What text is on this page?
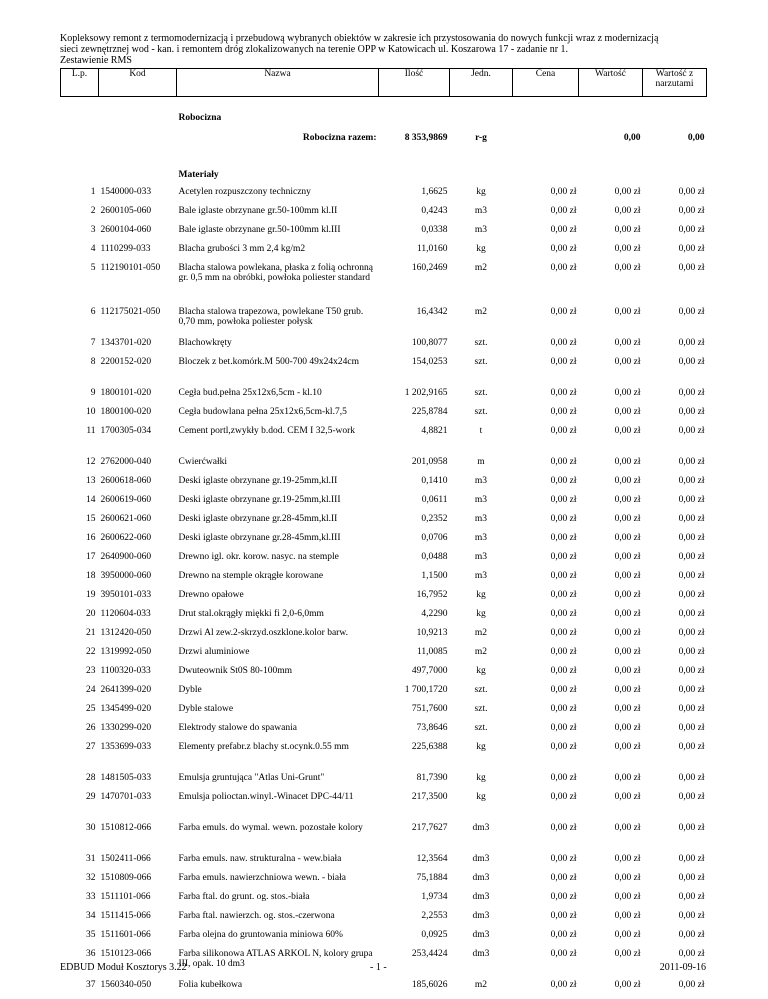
Kopleksowy remont z termomodernizacją i przebudową wybranych obiektów w zakresie ich przystosowania do nowych funkcji wraz z modernizacją
sieci zewnętrznej wod - kan. i remontem dróg zlokalizowanych na terenie OPP w Katowicach ul. Koszarowa 17 - zadanie nr 1.
Zestawienie RMS
L.p.	Kod	Nazwa	Ilość	Jedn.	Cena	Wartość	Wartość z
narzutami
		Robocizna					
		Robocizna razem:	8 353,9869	r-g		0,00	0,00
		Materiały					
1	1540000-033	Acetylen rozpuszczony techniczny	1,6625	kg	0,00 zł	0,00 zł	0,00 zł
2	2600105-060	Bale iglaste obrzynane gr.50-100mm kl.II	0,4243	m3	0,00 zł	0,00 zł	0,00 zł
3	2600104-060	Bale iglaste obrzynane gr.50-100mm kl.III	0,0338	m3	0,00 zł	0,00 zł	0,00 zł
4	1110299-033	Blacha grubości 3 mm 2,4 kg/m2	11,0160	kg	0,00 zł	0,00 zł	0,00 zł
5	112190101-050	Blacha stalowa powlekana, płaska z folią ochronną gr. 0,5 mm na obróbki, powłoka poliester standard	160,2469	m2	0,00 zł	0,00 zł	0,00 zł
6	112175021-050	Blacha stalowa trapezowa, powlekane T50 grub. 0,70 mm, powłoka poliester połysk	16,4342	m2	0,00 zł	0,00 zł	0,00 zł
7	1343701-020	Blachowkręty	100,8077	szt.	0,00 zł	0,00 zł	0,00 zł
8	2200152-020	Bloczek z bet.komórk.M 500-700 49x24x24cm	154,0253	szt.	0,00 zł	0,00 zł	0,00 zł
9	1800101-020	Cegła bud.pełna 25x12x6,5cm - kl.10	1 202,9165	szt.	0,00 zł	0,00 zł	0,00 zł
10	1800100-020	Cegła budowlana pełna 25x12x6,5cm-kl.7,5	225,8784	szt.	0,00 zł	0,00 zł	0,00 zł
11	1700305-034	Cement portl,zwykły b.dod. CEM I 32,5-work	4,8821	t	0,00 zł	0,00 zł	0,00 zł
12	2762000-040	Ćwierćwałki	201,0958	m	0,00 zł	0,00 zł	0,00 zł
13	2600618-060	Deski iglaste obrzynane gr.19-25mm,kl.II	0,1410	m3	0,00 zł	0,00 zł	0,00 zł
14	2600619-060	Deski iglaste obrzynane gr.19-25mm,kl.III	0,0611	m3	0,00 zł	0,00 zł	0,00 zł
15	2600621-060	Deski iglaste obrzynane gr.28-45mm,kl.II	0,2352	m3	0,00 zł	0,00 zł	0,00 zł
16	2600622-060	Deski iglaste obrzynane gr.28-45mm,kl.III	0,0706	m3	0,00 zł	0,00 zł	0,00 zł
17	2640900-060	Drewno igl. okr. korow. nasyc. na stemple	0,0488	m3	0,00 zł	0,00 zł	0,00 zł
18	3950000-060	Drewno na stemple okrągłe korowane	1,1500	m3	0,00 zł	0,00 zł	0,00 zł
19	3950101-033	Drewno opałowe	16,7952	kg	0,00 zł	0,00 zł	0,00 zł
20	1120604-033	Drut stal.okrągły miękki fi 2,0-6,0mm	4,2290	kg	0,00 zł	0,00 zł	0,00 zł
21	1312420-050	Drzwi Al zew.2-skrzyd.oszklone.kolor barw.	10,9213	m2	0,00 zł	0,00 zł	0,00 zł
22	1319992-050	Drzwi aluminiowe	11,0085	m2	0,00 zł	0,00 zł	0,00 zł
23	1100320-033	Dwuteownik St0S 80-100mm	497,7000	kg	0,00 zł	0,00 zł	0,00 zł
24	2641399-020	Dyble	1 700,1720	szt.	0,00 zł	0,00 zł	0,00 zł
25	1345499-020	Dyble stalowe	751,7600	szt.	0,00 zł	0,00 zł	0,00 zł
26	1330299-020	Elektrody stalowe do spawania	73,8646	szt.	0,00 zł	0,00 zł	0,00 zł
27	1353699-033	Elementy prefabr.z blachy st.ocynk.0.55 mm	225,6388	kg	0,00 zł	0,00 zł	0,00 zł
28	1481505-033	Emulsja gruntująca "Atlas Uni-Grunt"	81,7390	kg	0,00 zł	0,00 zł	0,00 zł
29	1470701-033	Emulsja polioctan.winyl.-Winacet DPC-44/11	217,3500	kg	0,00 zł	0,00 zł	0,00 zł
30	1510812-066	Farba emuls. do wymal. wewn. pozostałe kolory	217,7627	dm3	0,00 zł	0,00 zł	0,00 zł
31	1502411-066	Farba emuls. naw. strukturalna - wew.biała	12,3564	dm3	0,00 zł	0,00 zł	0,00 zł
32	1510809-066	Farba emuls. nawierzchniowa wewn. - biała	75,1884	dm3	0,00 zł	0,00 zł	0,00 zł
33	1511101-066	Farba ftal. do grunt. og. stos.-biała	1,9734	dm3	0,00 zł	0,00 zł	0,00 zł
34	1511415-066	Farba ftal. nawierzch. og. stos.-czerwona	2,2553	dm3	0,00 zł	0,00 zł	0,00 zł
35	1511601-066	Farba olejna do gruntowania miniowa 60%	0,0925	dm3	0,00 zł	0,00 zł	0,00 zł
36	1510123-066	Farba silikonowa ATLAS ARKOL N, kolory grupa III, opak. 10 dm3	253,4424	dm3	0,00 zł	0,00 zł	0,00 zł
37	1560340-050	Folia kubełkowa	185,6026	m2	0,00 zł	0,00 zł	0,00 zł
EDBUD Moduł Kosztorys 3.22	- 1 -	2011-09-16
